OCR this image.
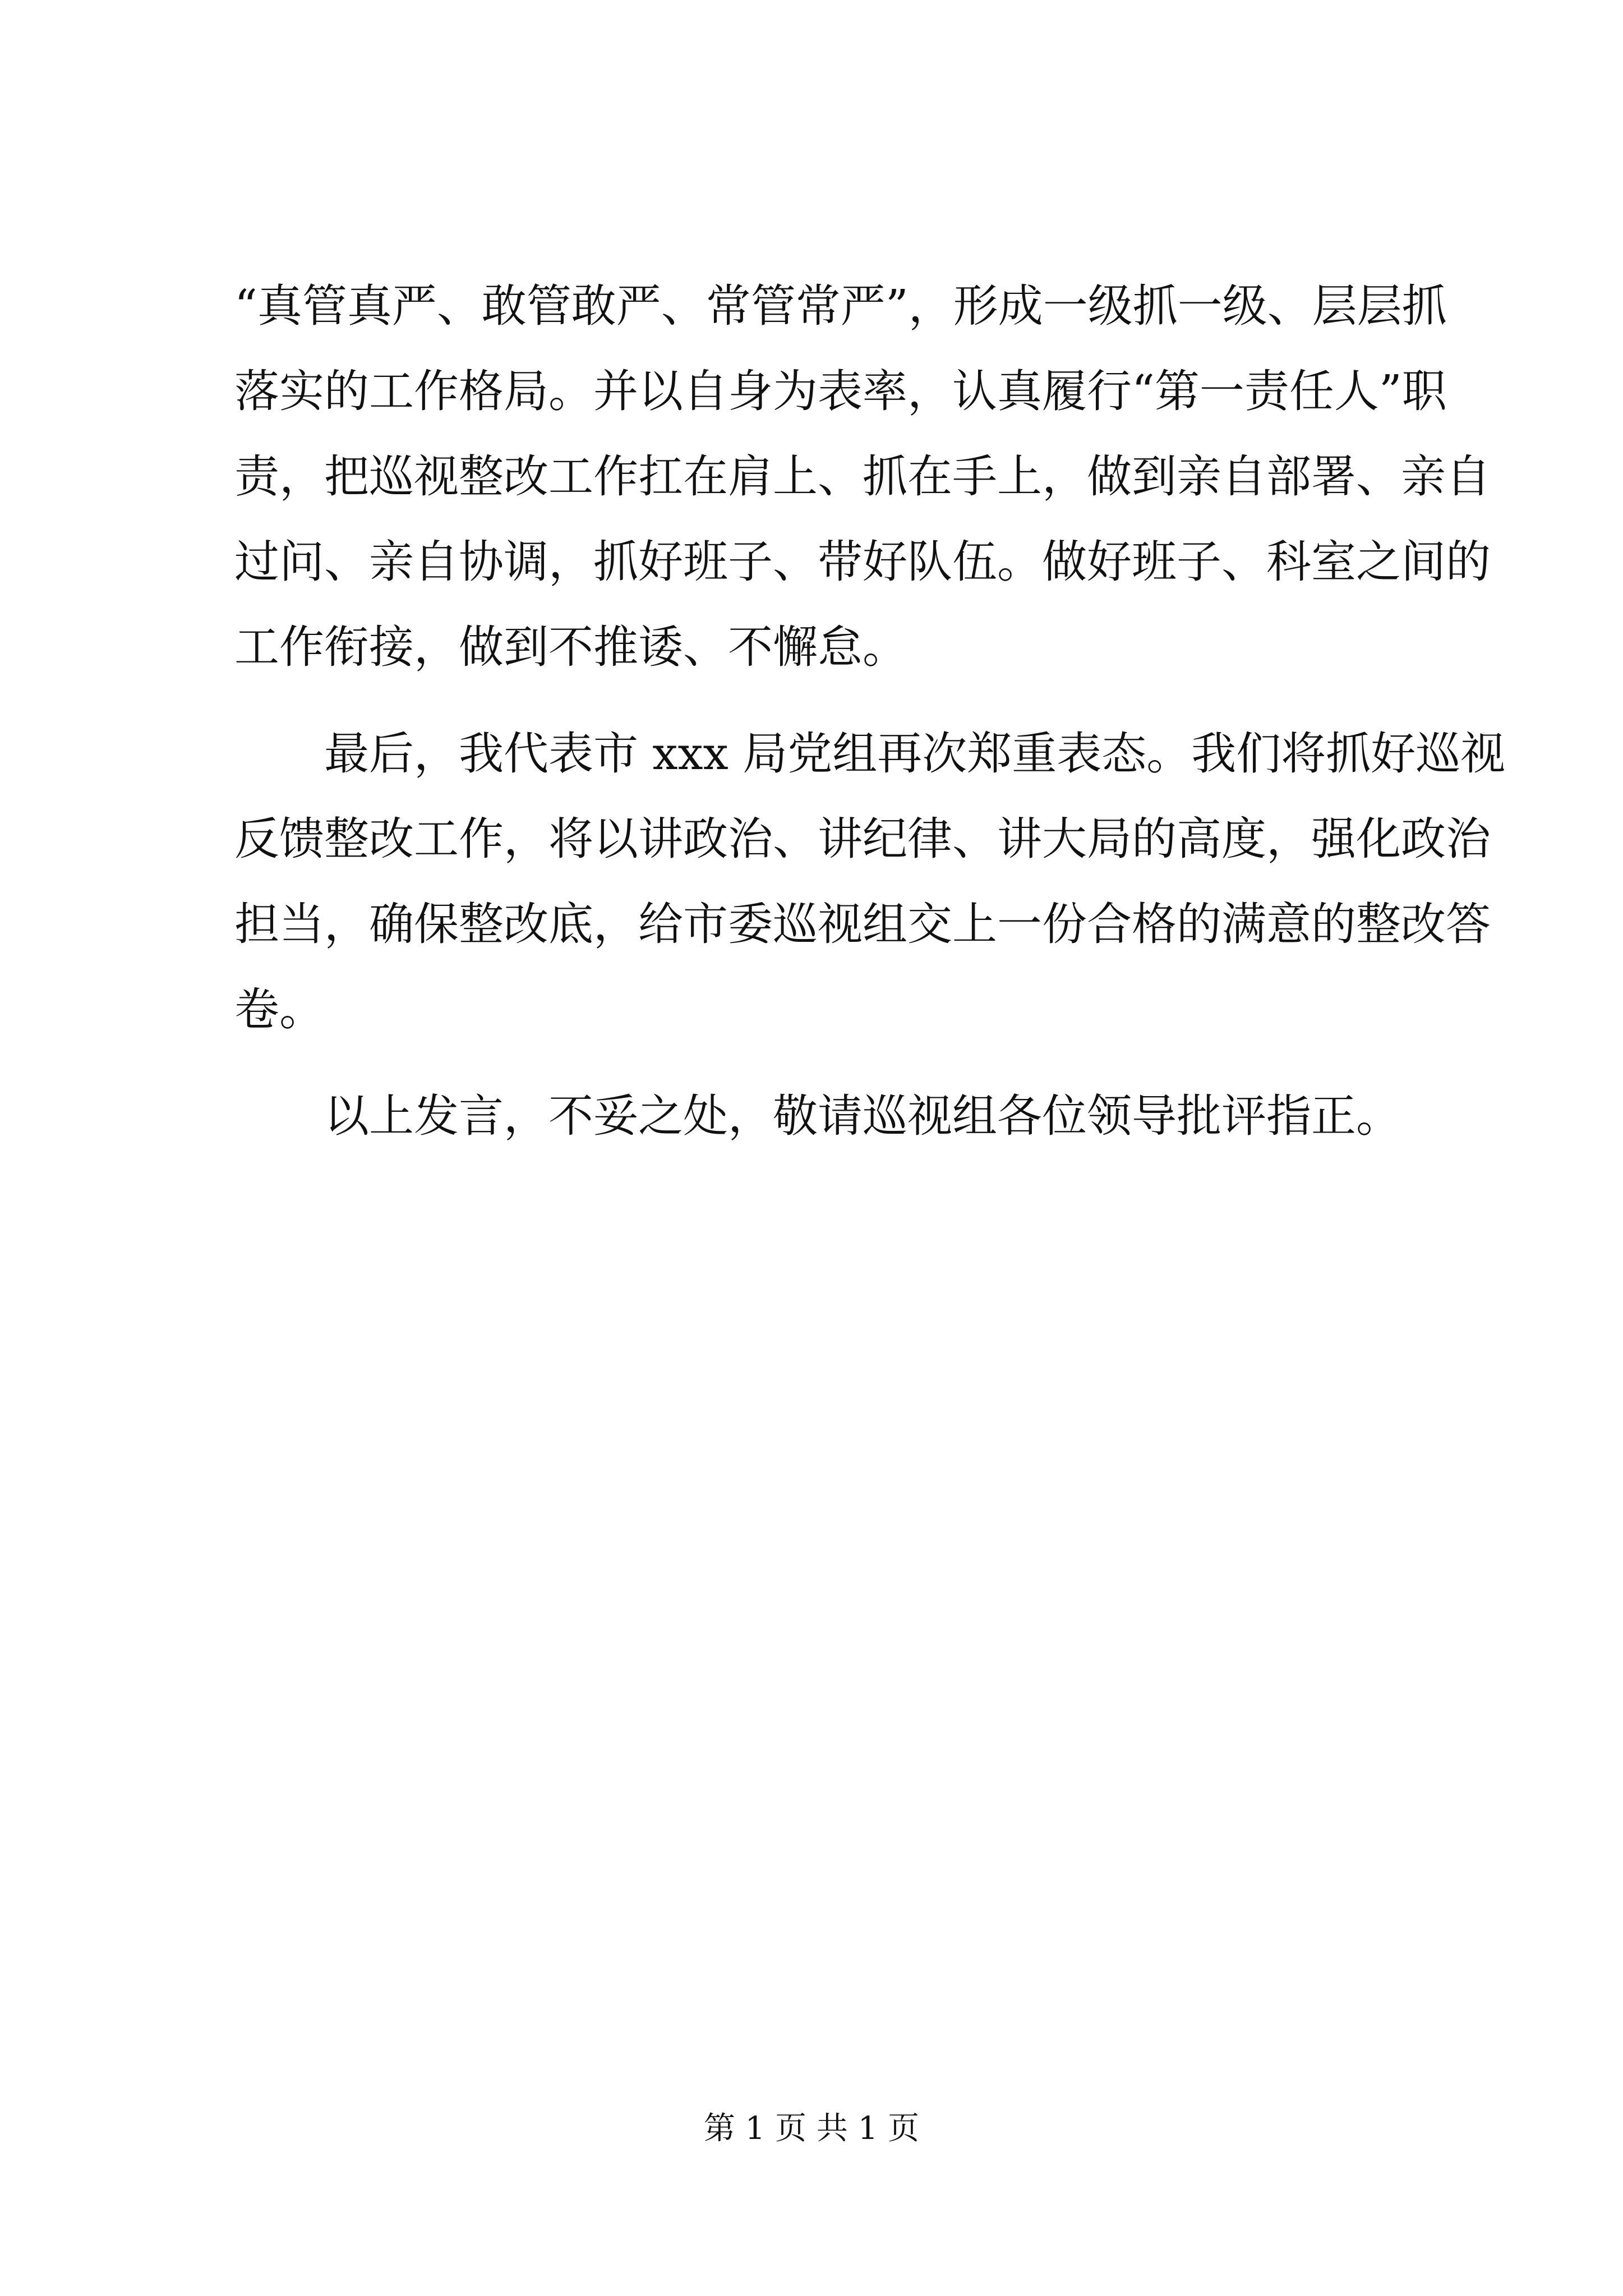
“真管真严、敢管敢严、常管常严”，形成一级抓一级、层层抓
落实的工作格局。并以自身为表率，认真履行“第一责任人”职
责，把巡视整改工作扛在肩上、抓在手上，做到亲自部署、亲自
过问、亲自协调，抓好班子、带好队伍。做好班子、科室之间的
工作衔接，做到不推诿、不懈怠。
最后，我代表市 xxx 局党组再次郑重表态。我们将抓好巡视
反馈整改工作，将以讲政治、讲纪律、讲大局的高度，强化政治
担当，确保整改底，给市委巡视组交上一份合格的满意的整改答
卷。
以上发言，不妥之处，敬请巡视组各位领导批评指正。
第 1 页 共 1 页
